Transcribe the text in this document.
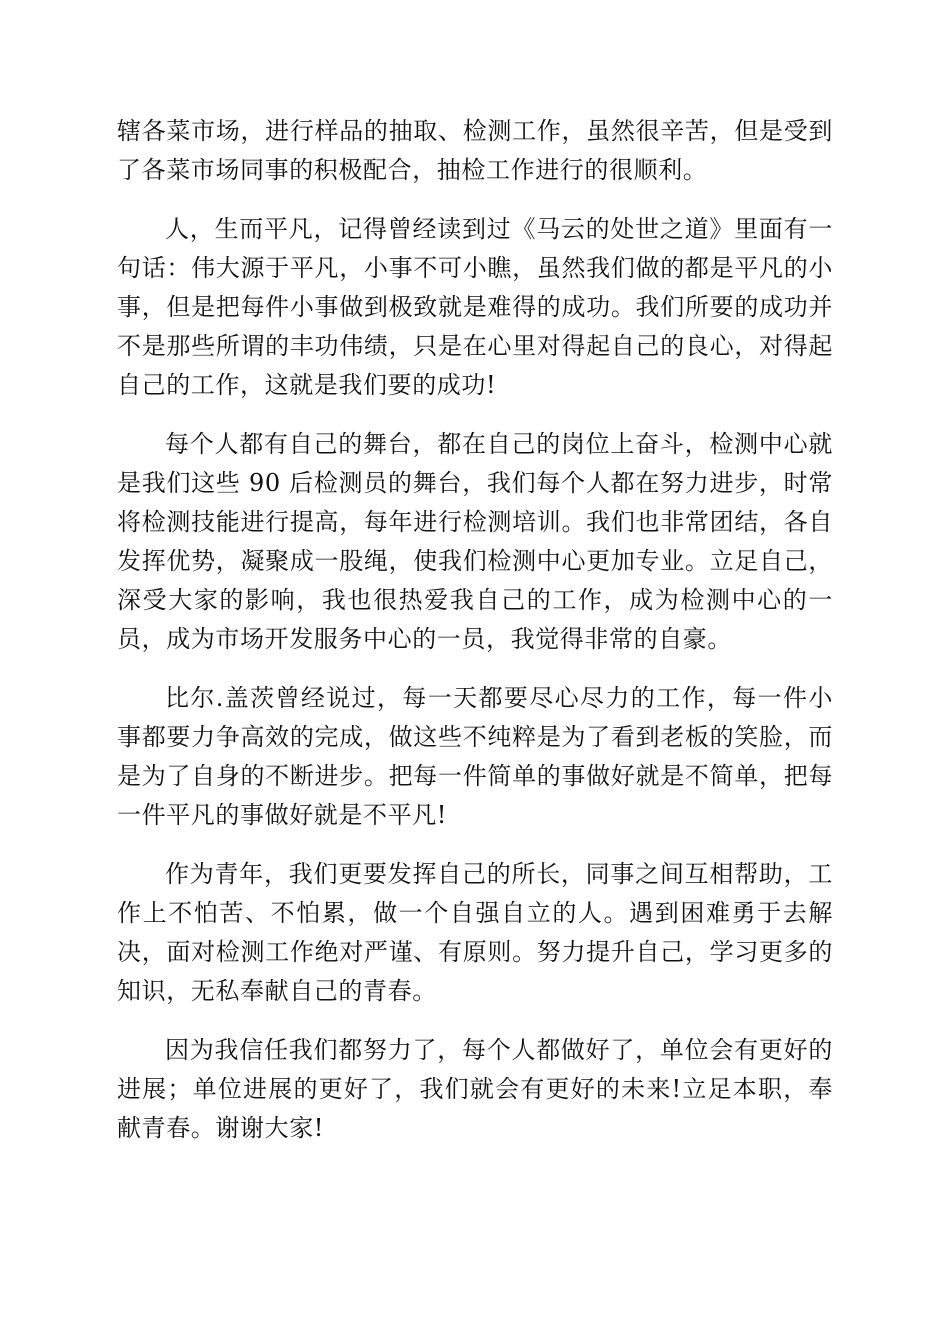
辖各菜市场，进行样品的抽取、检测工作，虽然很辛苦，但是受到了各菜市场同事的积极配合，抽检工作进行的很顺利。

人，生而平凡，记得曾经读到过《马云的处世之道》里面有一句话：伟大源于平凡，小事不可小瞧，虽然我们做的都是平凡的小事，但是把每件小事做到极致就是难得的成功。我们所要的成功并不是那些所谓的丰功伟绩，只是在心里对得起自己的良心，对得起自己的工作，这就是我们要的成功!

每个人都有自己的舞台，都在自己的岗位上奋斗，检测中心就是我们这些 90 后检测员的舞台，我们每个人都在努力进步，时常将检测技能进行提高，每年进行检测培训。我们也非常团结，各自发挥优势，凝聚成一股绳，使我们检测中心更加专业。立足自己，深受大家的影响，我也很热爱我自己的工作，成为检测中心的一员，成为市场开发服务中心的一员，我觉得非常的自豪。

比尔.盖茨曾经说过，每一天都要尽心尽力的工作，每一件小事都要力争高效的完成，做这些不纯粹是为了看到老板的笑脸，而是为了自身的不断进步。把每一件简单的事做好就是不简单，把每一件平凡的事做好就是不平凡!

作为青年，我们更要发挥自己的所长，同事之间互相帮助，工作上不怕苦、不怕累，做一个自强自立的人。遇到困难勇于去解决，面对检测工作绝对严谨、有原则。努力提升自己，学习更多的知识，无私奉献自己的青春。

因为我信任我们都努力了，每个人都做好了，单位会有更好的进展；单位进展的更好了，我们就会有更好的未来!立足本职，奉献青春。谢谢大家!
